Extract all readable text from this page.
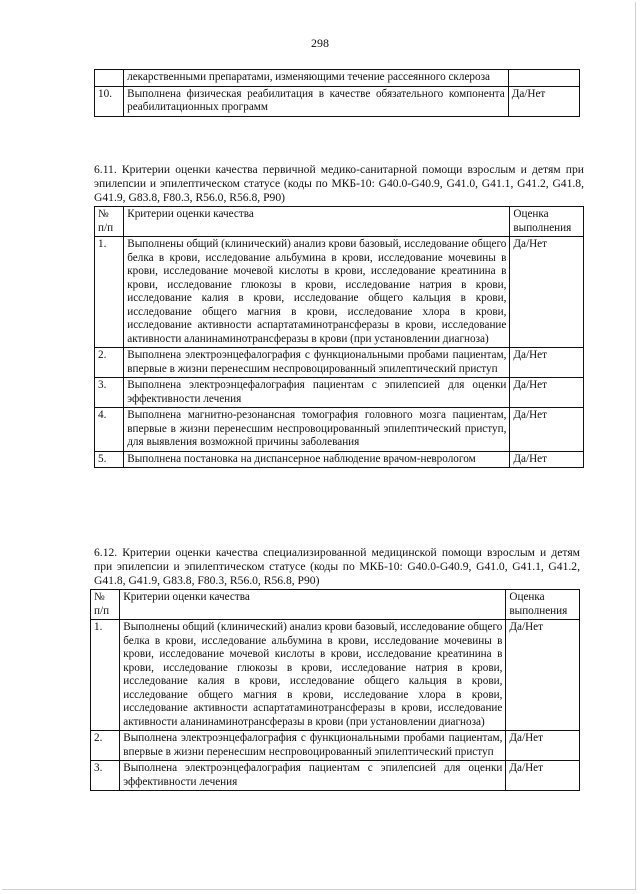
298
	лекарственными препаратами, изменяющими течение рассеянного склероза	
10.	Выполнена физическая реабилитация в качестве обязательного компонента реабилитационных программ	Да/Нет

6.11. Критерии оценки качества первичной медико-санитарной помощи взрослым и детям при эпилепсии и эпилептическом статусе (коды по МКБ-10: G40.0-G40.9, G41.0, G41.1, G41.2, G41.8, G41.9, G83.8, F80.3, R56.0, R56.8, P90)

№ п/п	Критерии оценки качества	Оценка выполнения
1.	Выполнены общий (клинический) анализ крови базовый, исследование общего белка в крови, исследование альбумина в крови, исследование мочевины в крови, исследование мочевой кислоты в крови, исследование креатинина в крови, исследование глюкозы в крови, исследование натрия в крови, исследование калия в крови, исследование общего кальция в крови, исследование общего магния в крови, исследование хлора в крови, исследование активности аспартатаминотрансферазы в крови, исследование активности аланинаминотрансферазы в крови (при установлении диагноза)	Да/Нет
2.	Выполнена электроэнцефалография с функциональными пробами пациентам, впервые в жизни перенесшим неспровоцированный эпилептический приступ	Да/Нет
3.	Выполнена электроэнцефалография пациентам с эпилепсией для оценки эффективности лечения	Да/Нет
4.	Выполнена магнитно-резонансная томография головного мозга пациентам, впервые в жизни перенесшим неспровоцированный эпилептический приступ, для выявления возможной причины заболевания	Да/Нет
5.	Выполнена постановка на диспансерное наблюдение врачом-неврологом	Да/Нет

6.12. Критерии оценки качества специализированной медицинской помощи взрослым и детям при эпилепсии и эпилептическом статусе (коды по МКБ-10: G40.0-G40.9, G41.0, G41.1, G41.2, G41.8, G41.9, G83.8, F80.3, R56.0, R56.8, P90)

№ п/п	Критерии оценки качества	Оценка выполнения
1.	Выполнены общий (клинический) анализ крови базовый, исследование общего белка в крови, исследование альбумина в крови, исследование мочевины в крови, исследование мочевой кислоты в крови, исследование креатинина в крови, исследование глюкозы в крови, исследование натрия в крови, исследование калия в крови, исследование общего кальция в крови, исследование общего магния в крови, исследование хлора в крови, исследование активности аспартатаминотрансферазы в крови, исследование активности аланинаминотрансферазы в крови (при установлении диагноза)	Да/Нет
2.	Выполнена электроэнцефалография с функциональными пробами пациентам, впервые в жизни перенесшим неспровоцированный эпилептический приступ	Да/Нет
3.	Выполнена электроэнцефалография пациентам с эпилепсией для оценки эффективности лечения	Да/Нет
